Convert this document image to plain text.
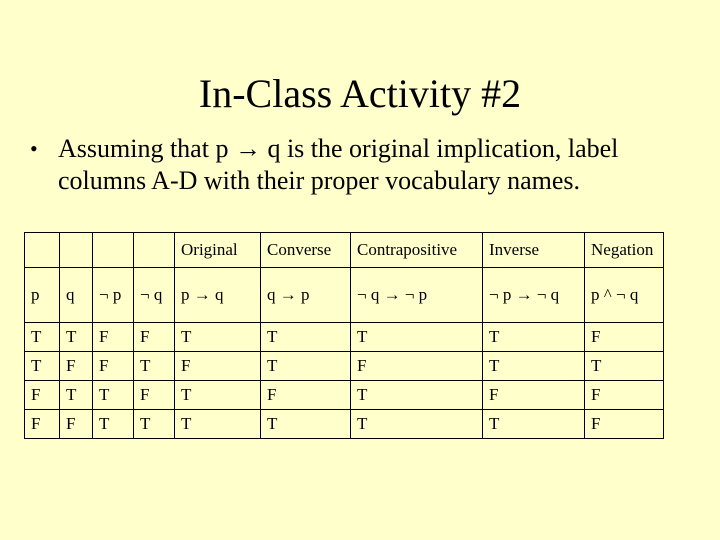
In-Class Activity #2
• Assuming that p → q is the original implication, label columns A-D with their proper vocabulary names.
				Original	Converse	Contrapositive	Inverse	Negation
p	q	¬ p	¬ q	p → q	q → p	¬ q → ¬ p	¬ p → ¬ q	p ^ ¬ q
T	T	F	F	T	T	T	T	F
T	F	F	T	F	T	F	T	T
F	T	T	F	T	F	T	F	F
F	F	T	T	T	T	T	T	F
